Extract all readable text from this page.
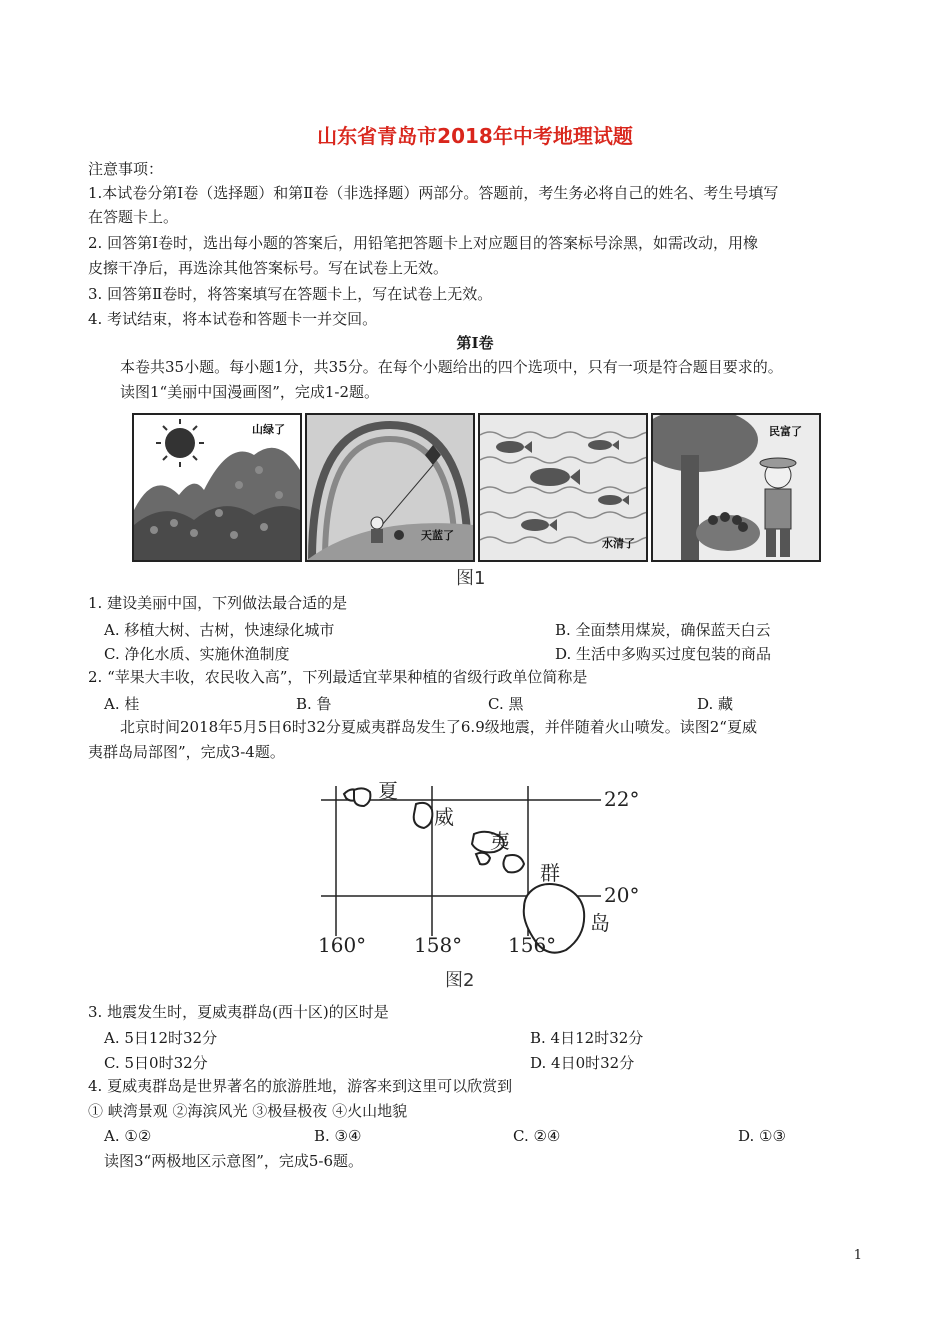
山东省青岛市2018年中考地理试题
注意事项：
1.本试卷分第Ⅰ卷（选择题）和第Ⅱ卷（非选择题）两部分。答题前，考生务必将自己的姓名、考生号填写
在答题卡上。
2. 回答第Ⅰ卷时，选出每小题的答案后，用铅笔把答题卡上对应题目的答案标号涂黑，如需改动，用橡
皮擦干净后，再选涂其他答案标号。写在试卷上无效。
3. 回答第Ⅱ卷时，将答案填写在答题卡上，写在试卷上无效。
4. 考试结束，将本试卷和答题卡一并交回。
第Ⅰ卷
本卷共35小题。每小题1分，共35分。在每个小题给出的四个选项中，只有一项是符合题目要求的。
读图1“美丽中国漫画图”，完成1-2题。
山绿了
天蓝了
水清了
民富了
图1
1. 建设美丽中国，下列做法最合适的是
A. 移植大树、古树，快速绿化城市	B. 全面禁用煤炭，确保蓝天白云
C. 净化水质、实施休渔制度	D. 生活中多购买过度包装的商品
2. “苹果大丰收，农民收入高”，下列最适宜苹果种植的省级行政单位简称是
A. 桂	B. 鲁	C. 黑	D. 藏
北京时间2018年5月5日6时32分夏威夷群岛发生了6.9级地震，并伴随着火山喷发。读图2“夏威
夷群岛局部图”，完成3-4题。
夏
威
夷
群
岛
22°
20°
160° 158° 156°
图2
3. 地震发生时，夏威夷群岛(西十区)的区时是
A. 5日12时32分	B. 4日12时32分
C. 5日0时32分	D. 4日0时32分
4. 夏威夷群岛是世界著名的旅游胜地，游客来到这里可以欣赏到
① 峡湾景观 ②海滨风光 ③极昼极夜 ④火山地貌
A. ①②	B. ③④	C. ②④	D. ①③
读图3“两极地区示意图”，完成5-6题。
1
